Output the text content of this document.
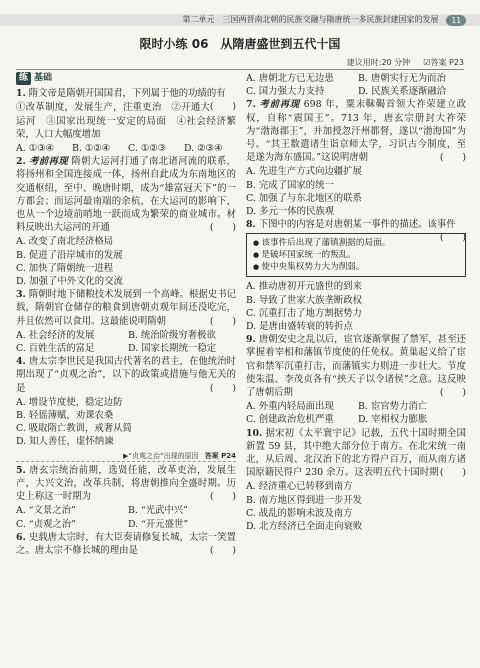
第二单元　三国两晋南北朝的民族交融与隋唐统一多民族封建国家的发展	11
限时小练 06　从隋唐盛世到五代十国
建议用时:20 分钟 　 ☑答案 P23
练 基础
1. 隋文帝是隋朝开国国君，下列属于他的功绩的有
(　　)
①改革制度，发展生产，注重吏治　②开通大运河　③国家出现统一安定的局面　④社会经济繁荣，人口大幅度增加
A. ①③④	B. ①②④	C. ①②③	D. ②③④
2. 考前再现 隋朝大运河打通了南北诸河流的联系，将扬州和全国连接成一体，扬州自此成为东南地区的交通枢纽，至中、晚唐时期，成为“雄富冠天下”的一方都会；而运河最南端的余杭，在大运河的影响下，也从一个边境前哨地一跃而成为繁荣的商业城市。材料反映出大运河的开通	(　　)
A. 改变了南北经济格局
B. 促进了沿岸城市的发展
C. 加快了隋朝统一进程
D. 加强了中外文化的交流
3. 隋朝时地下储粮技术发展到一个高峰。根据史书记载，隋朝官仓储存的粮食到唐朝贞观年间还没吃完，并且依然可以食用。这最能说明隋朝	(　　)
A. 社会经济的发展	B. 统治阶级穷奢极欲
C. 百姓生活的富足	D. 国家长期统一稳定
4. 唐太宗李世民是我国古代著名的君主，在他统治时期出现了“贞观之治”，以下的政策或措施与他无关的是	(　　)
A. 增设节度使，稳定边防
B. 轻徭薄赋，劝课农桑
C. 吸取隋亡教训，戒奢从简
D. 知人善任，虚怀纳谏
▶“贞观之治”出现的原因 答案 P24
5. 唐玄宗统治前期，选贤任能，改革吏治，发展生产，大兴文治，改革兵制，将唐朝推向全盛时期。历史上称这一时期为	(　　)
A. “文景之治”	B. “光武中兴”
C. “贞观之治”	D. “开元盛世”
6. 史载唐太宗时，有大臣奏请修复长城，太宗一笑置之。唐太宗不修长城的理由是	(　　)
A. 唐朝北方已无边患	B. 唐朝实行无为而治
C. 国力强大力支持	D. 民族关系逐渐融洽
7. 考前再现 698 年，粟末靺鞨首领大祚荣建立政权，自称“震国王”。713 年，唐玄宗册封大祚荣为“渤海郡王”，并加授忽汗州都督，遂以“渤海国”为号。“其王数遣诸生诣京师太学，习识古今制度，至是遂为海东盛国。”这说明唐朝	(　　)
A. 先进生产方式向边疆扩展
B. 完成了国家的统一
C. 加强了与东北地区的联系
D. 多元一体的民族观
8. 下图中的内容是对唐朝某一事件的描述。该事件
(　　)
● 该事件后出现了藩镇割据的局面。
● 是破坏国家统一的叛乱。
● 使中央集权势力大为削弱。
A. 推动唐初开元盛世的到来
B. 导致了世家大族垄断政权
C. 沉重打击了地方割据势力
D. 是唐由盛转衰的转折点
9. 唐朝安史之乱以后，宦官逐渐掌握了禁军，甚至还掌握着宰相和藩镇节度使的任免权。黄巢起义给了宦官和禁军沉重打击，而藩镇实力则进一步壮大。节度使朱温、李茂贞各有“挟天子以令诸侯”之意。这反映了唐朝后期	(　　)
A. 外重内轻局面出现	B. 宦官势力消亡
C. 创建政治危机严重	D. 宰相权力膨胀
10. 据宋初《太平寰宇记》记载，五代十国时期全国新置 59 县，其中绝大部分位于南方。在北宋统一南北，从后周、北汉治下的北方得户百万，而从南方诸国原籍民得户 230 余万。这表明五代十国时期 (　　)
A. 经济重心已转移到南方
B. 南方地区得到进一步开发
C. 战乱的影响未波及南方
D. 北方经济已全面走向衰败
